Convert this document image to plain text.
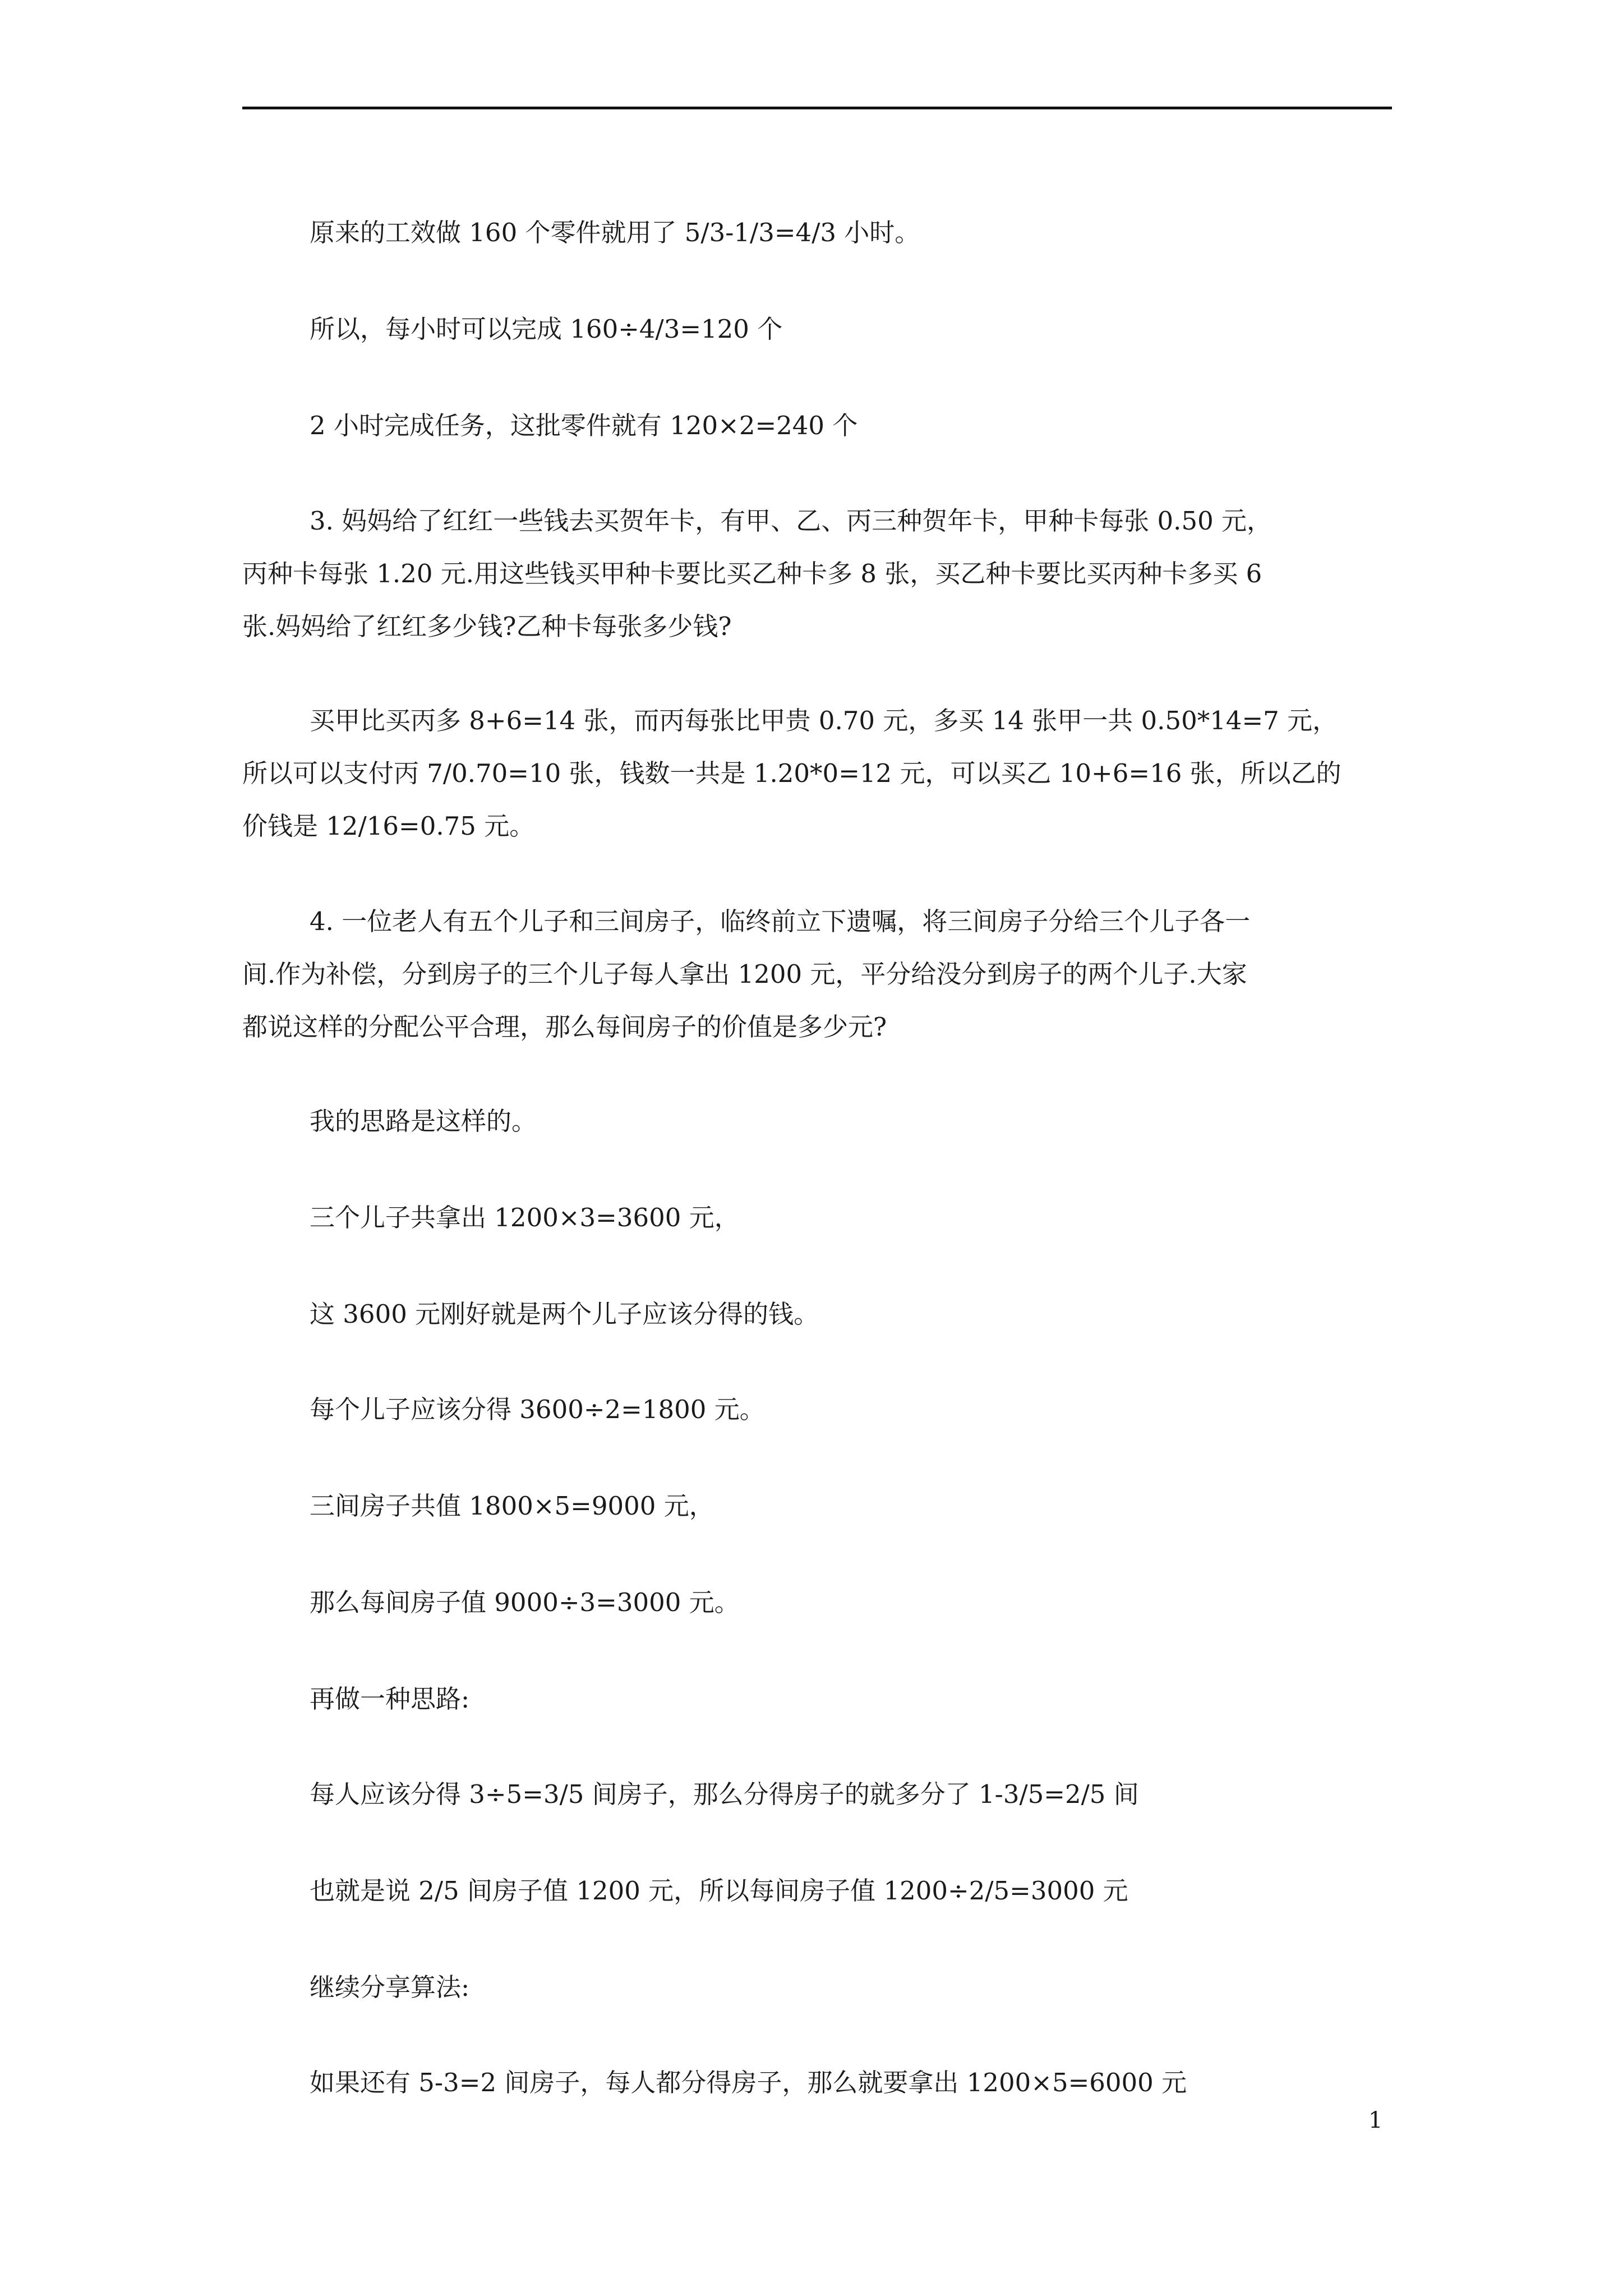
原来的工效做 160 个零件就用了 5/3-1/3=4/3 小时。
所以，每小时可以完成 160÷4/3=120 个
2 小时完成任务，这批零件就有 120×2=240 个
3. 妈妈给了红红一些钱去买贺年卡，有甲、乙、丙三种贺年卡，甲种卡每张 0.50 元，
丙种卡每张 1.20 元.用这些钱买甲种卡要比买乙种卡多 8 张，买乙种卡要比买丙种卡多买 6
张.妈妈给了红红多少钱?乙种卡每张多少钱?
买甲比买丙多 8+6=14 张，而丙每张比甲贵 0.70 元，多买 14 张甲一共 0.50*14=7 元，
所以可以支付丙 7/0.70=10 张，钱数一共是 1.20*0=12 元，可以买乙 10+6=16 张，所以乙的
价钱是 12/16=0.75 元。
4. 一位老人有五个儿子和三间房子，临终前立下遗嘱，将三间房子分给三个儿子各一
间.作为补偿，分到房子的三个儿子每人拿出 1200 元，平分给没分到房子的两个儿子.大家
都说这样的分配公平合理，那么每间房子的价值是多少元?
我的思路是这样的。
三个儿子共拿出 1200×3=3600 元，
这 3600 元刚好就是两个儿子应该分得的钱。
每个儿子应该分得 3600÷2=1800 元。
三间房子共值 1800×5=9000 元，
那么每间房子值 9000÷3=3000 元。
再做一种思路:
每人应该分得 3÷5=3/5 间房子，那么分得房子的就多分了 1-3/5=2/5 间
也就是说 2/5 间房子值 1200 元，所以每间房子值 1200÷2/5=3000 元
继续分享算法:
如果还有 5-3=2 间房子，每人都分得房子，那么就要拿出 1200×5=6000 元
1
